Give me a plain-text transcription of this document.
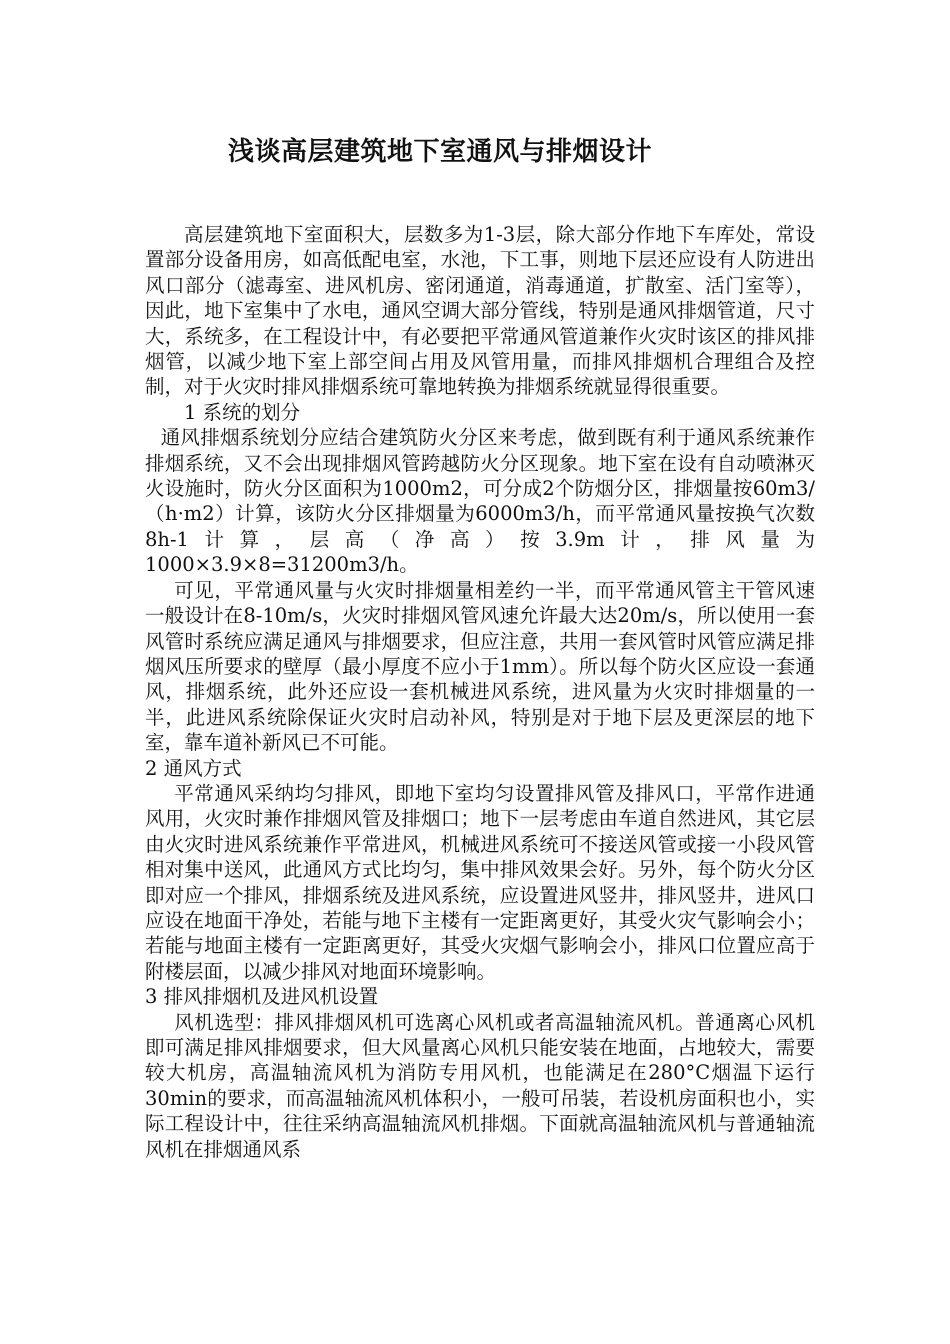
浅谈高层建筑地下室通风与排烟设计

高层建筑地下室面积大，层数多为1-3层，除大部分作地下车库处，常设置部分设备用房，如高低配电室，水池，下工事，则地下层还应设有人防进出风口部分（滤毒室、进风机房、密闭通道，消毒通道，扩散室、活门室等），因此，地下室集中了水电，通风空调大部分管线，特别是通风排烟管道，尺寸大，系统多，在工程设计中，有必要把平常通风管道兼作火灾时该区的排风排烟管，以减少地下室上部空间占用及风管用量，而排风排烟机合理组合及控制，对于火灾时排风排烟系统可靠地转换为排烟系统就显得很重要。

1 系统的划分

通风排烟系统划分应结合建筑防火分区来考虑，做到既有利于通风系统兼作排烟系统，又不会出现排烟风管跨越防火分区现象。地下室在设有自动喷淋灭火设施时，防火分区面积为1000m2，可分成2个防烟分区，排烟量按60m3/（h·m2）计算，该防火分区排烟量为6000m3/h，而平常通风量按换气次数8h-1计算，层高（净高）按3.9m计，排风量为1000×3.9×8=31200m3/h。

可见，平常通风量与火灾时排烟量相差约一半，而平常通风管主干管风速一般设计在8-10m/s，火灾时排烟风管风速允许最大达20m/s，所以使用一套风管时系统应满足通风与排烟要求，但应注意，共用一套风管时风管应满足排烟风压所要求的壁厚（最小厚度不应小于1mm）。所以每个防火区应设一套通风，排烟系统，此外还应设一套机械进风系统，进风量为火灾时排烟量的一半，此进风系统除保证火灾时启动补风，特别是对于地下层及更深层的地下室，靠车道补新风已不可能。

2 通风方式

平常通风采纳均匀排风，即地下室均匀设置排风管及排风口，平常作进通风用，火灾时兼作排烟风管及排烟口；地下一层考虑由车道自然进风，其它层由火灾时进风系统兼作平常进风，机械进风系统可不接送风管或接一小段风管相对集中送风，此通风方式比均匀，集中排风效果会好。另外，每个防火分区即对应一个排风，排烟系统及进风系统，应设置进风竖井，排风竖井，进风口应设在地面干净处，若能与地下主楼有一定距离更好，其受火灾气影响会小；若能与地面主楼有一定距离更好，其受火灾烟气影响会小，排风口位置应高于附楼层面，以减少排风对地面环境影响。

3 排风排烟机及进风机设置

风机选型：排风排烟风机可选离心风机或者高温轴流风机。普通离心风机即可满足排风排烟要求，但大风量离心风机只能安装在地面，占地较大，需要较大机房，高温轴流风机为消防专用风机，也能满足在280°C烟温下运行30min的要求，而高温轴流风机体积小，一般可吊装，若设机房面积也小，实际工程设计中，往往采纳高温轴流风机排烟。下面就高温轴流风机与普通轴流风机在排烟通风系
